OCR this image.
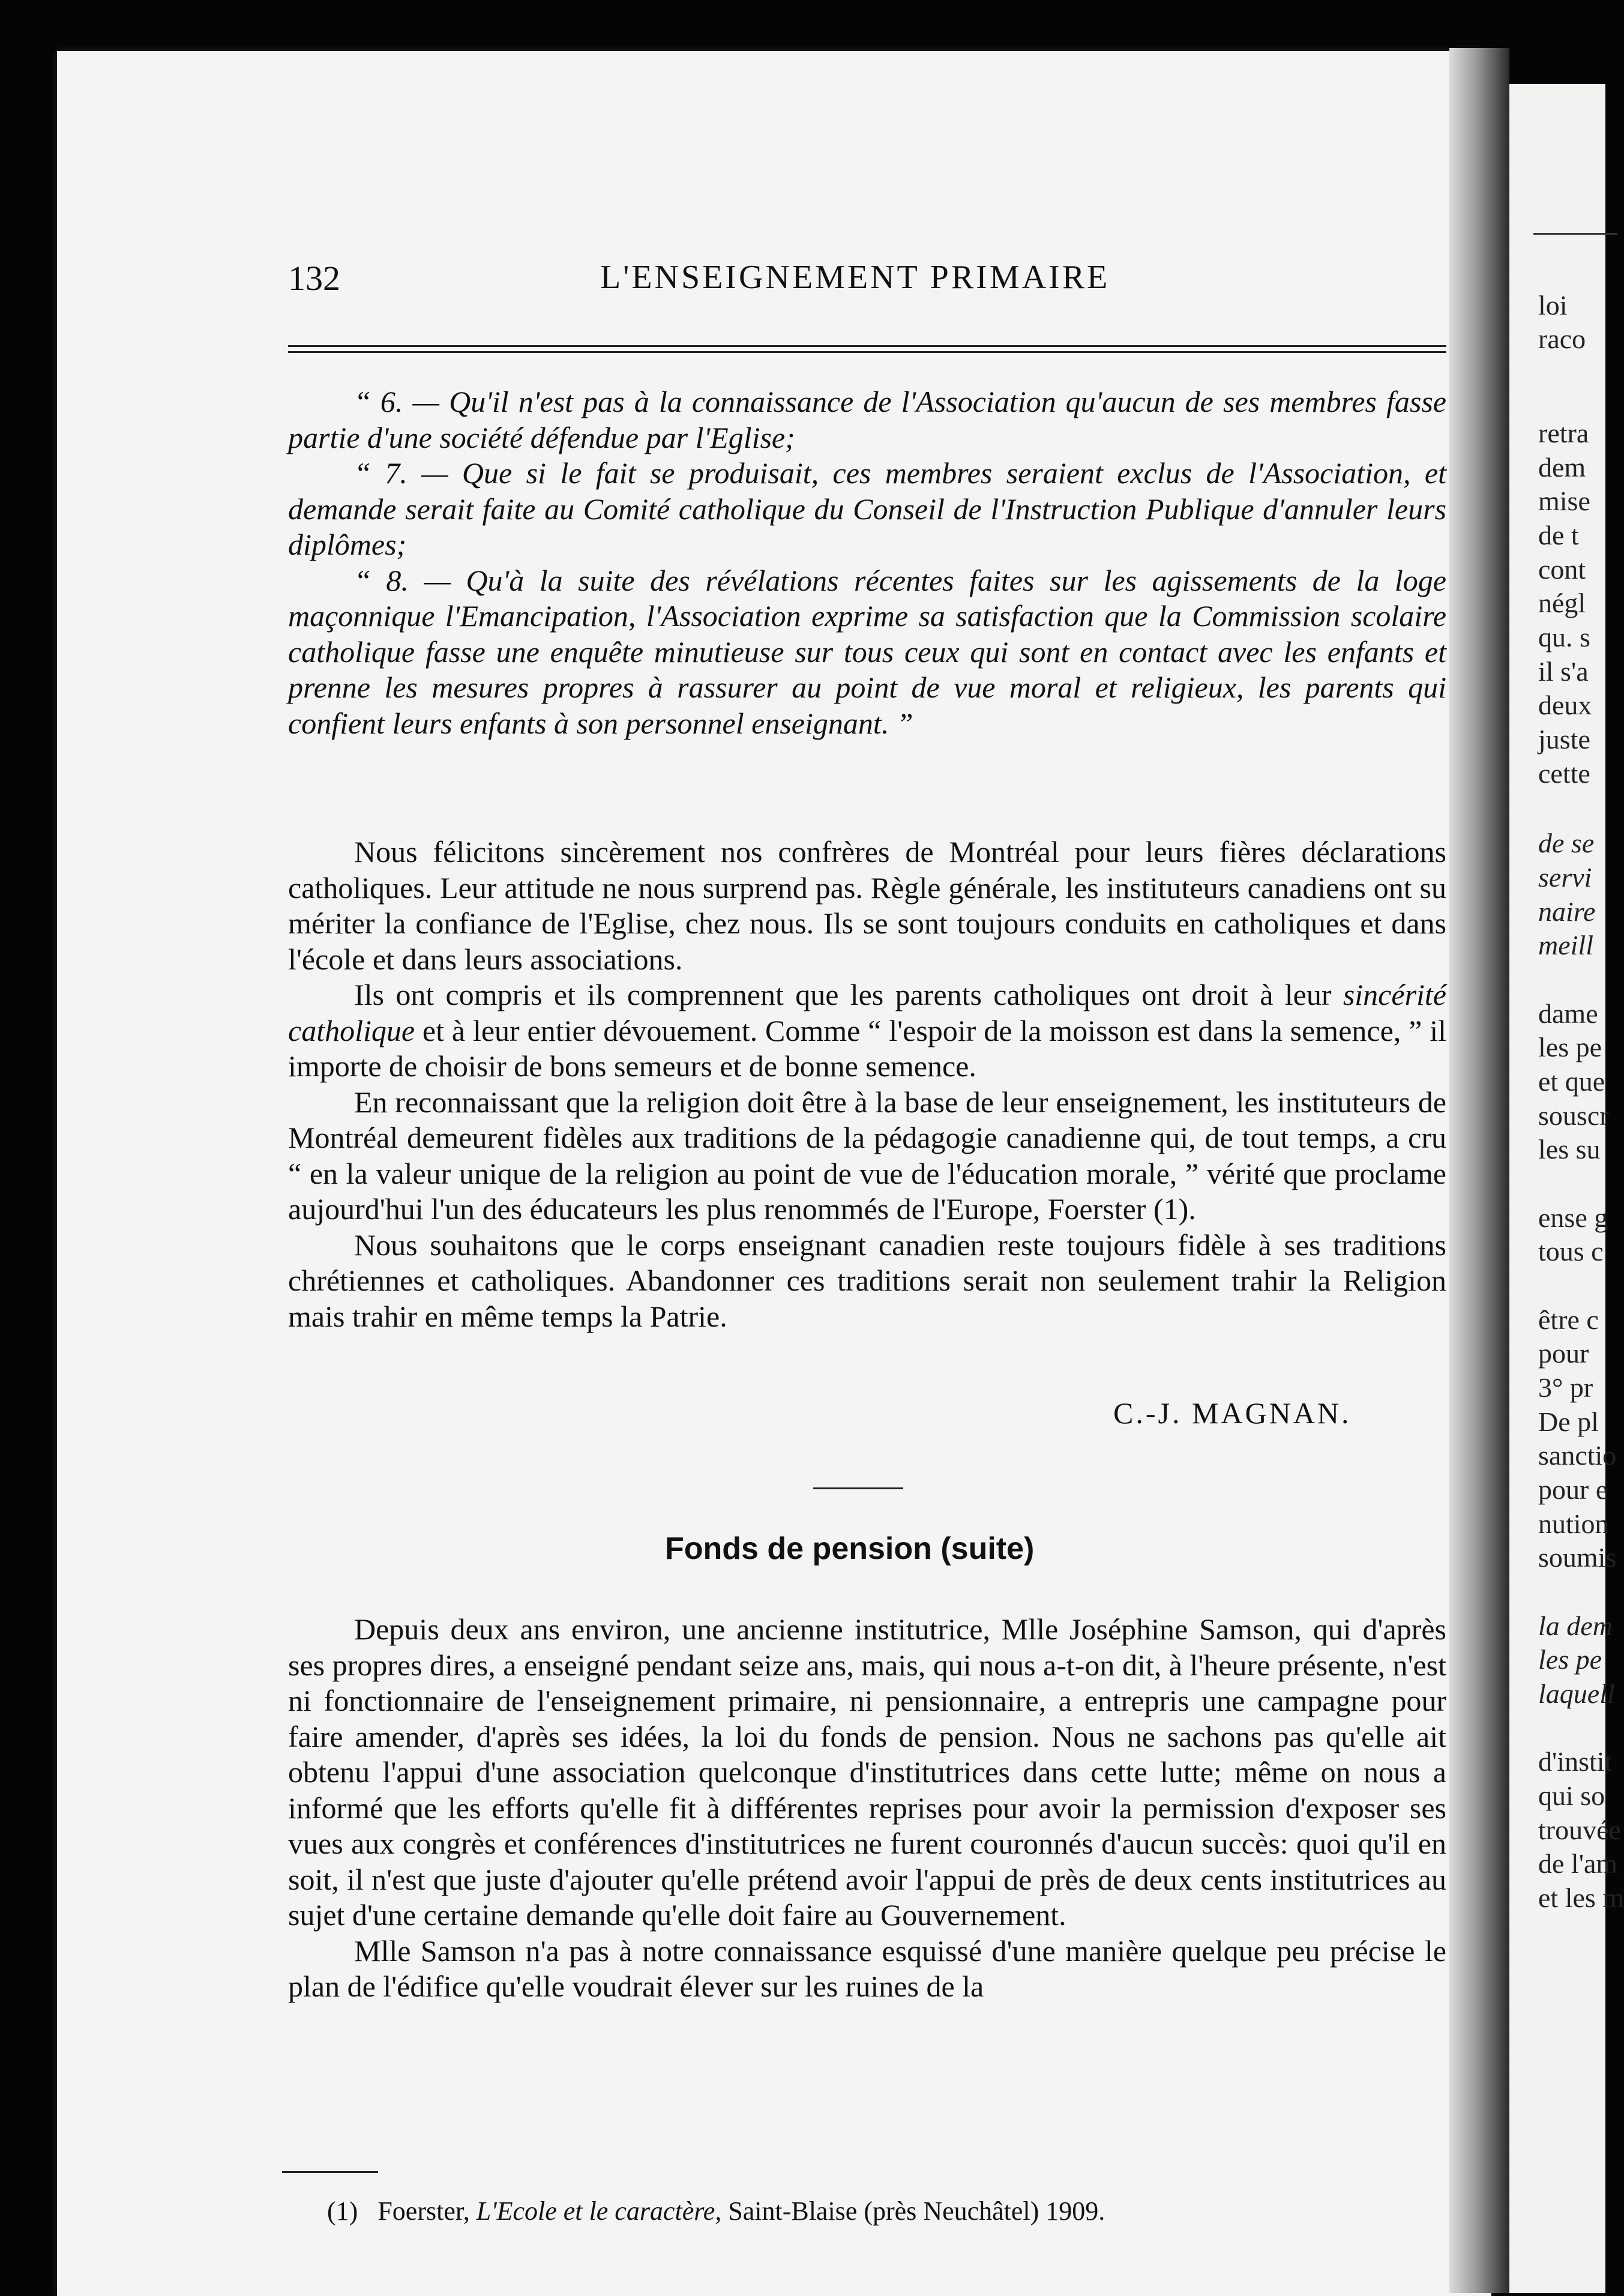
loi
raco
retra
dem
mise
de t
cont
négl
qu. s
il s'a
deux
juste
cette
de se
servi
naire
meill
dame
les pe
et que
souscr
les su
ense g
tous c
être c
pour
3° pr
De pl
sanctio
pour e
nution
soumis
la dem
les pe
laquell
d'instit
qui so
trouvée
de l'am
et les m
132	L'ENSEIGNEMENT PRIMAIRE

“ 6. — Qu'il n'est pas à la connaissance de l'Association qu'aucun de ses membres fasse partie d'une société défendue par l'Eglise;

“ 7. — Que si le fait se produisait, ces membres seraient exclus de l'Association, et demande serait faite au Comité catholique du Conseil de l'Instruction Publique d'annuler leurs diplômes;

“ 8. — Qu'à la suite des révélations récentes faites sur les agissements de la loge maçonnique l'Emancipation, l'Association exprime sa satisfaction que la Commission scolaire catholique fasse une enquête minutieuse sur tous ceux qui sont en contact avec les enfants et prenne les mesures propres à rassurer au point de vue moral et religieux, les parents qui confient leurs enfants à son personnel enseignant. ”

Nous félicitons sincèrement nos confrères de Montréal pour leurs fières déclarations catholiques. Leur attitude ne nous surprend pas. Règle générale, les instituteurs canadiens ont su mériter la confiance de l'Eglise, chez nous. Ils se sont toujours conduits en catholiques et dans l'école et dans leurs associations.

Ils ont compris et ils comprennent que les parents catholiques ont droit à leur sincérité catholique et à leur entier dévouement. Comme “ l'espoir de la moisson est dans la semence, ” il importe de choisir de bons semeurs et de bonne semence.

En reconnaissant que la religion doit être à la base de leur enseignement, les instituteurs de Montréal demeurent fidèles aux traditions de la pédagogie canadienne qui, de tout temps, a cru “ en la valeur unique de la religion au point de vue de l'éducation morale, ” vérité que proclame aujourd'hui l'un des éducateurs les plus renommés de l'Europe, Foerster (1).

Nous souhaitons que le corps enseignant canadien reste toujours fidèle à ses traditions chrétiennes et catholiques. Abandonner ces traditions serait non seulement trahir la Religion mais trahir en même temps la Patrie.

C.-J. MAGNAN.
Fonds de pension (suite)

Depuis deux ans environ, une ancienne institutrice, Mlle Joséphine Samson, qui d'après ses propres dires, a enseigné pendant seize ans, mais, qui nous a-t-on dit, à l'heure présente, n'est ni fonctionnaire de l'enseignement primaire, ni pensionnaire, a entrepris une campagne pour faire amender, d'après ses idées, la loi du fonds de pension. Nous ne sachons pas qu'elle ait obtenu l'appui d'une association quelconque d'institutrices dans cette lutte; même on nous a informé que les efforts qu'elle fit à différentes reprises pour avoir la permission d'exposer ses vues aux congrès et conférences d'institutrices ne furent couronnés d'aucun succès: quoi qu'il en soit, il n'est que juste d'ajouter qu'elle prétend avoir l'appui de près de deux cents institutrices au sujet d'une certaine demande qu'elle doit faire au Gouvernement.

Mlle Samson n'a pas à notre connaissance esquissé d'une manière quelque peu précise le plan de l'édifice qu'elle voudrait élever sur les ruines de la

(1) Foerster, L'Ecole et le caractère, Saint-Blaise (près Neuchâtel) 1909.
